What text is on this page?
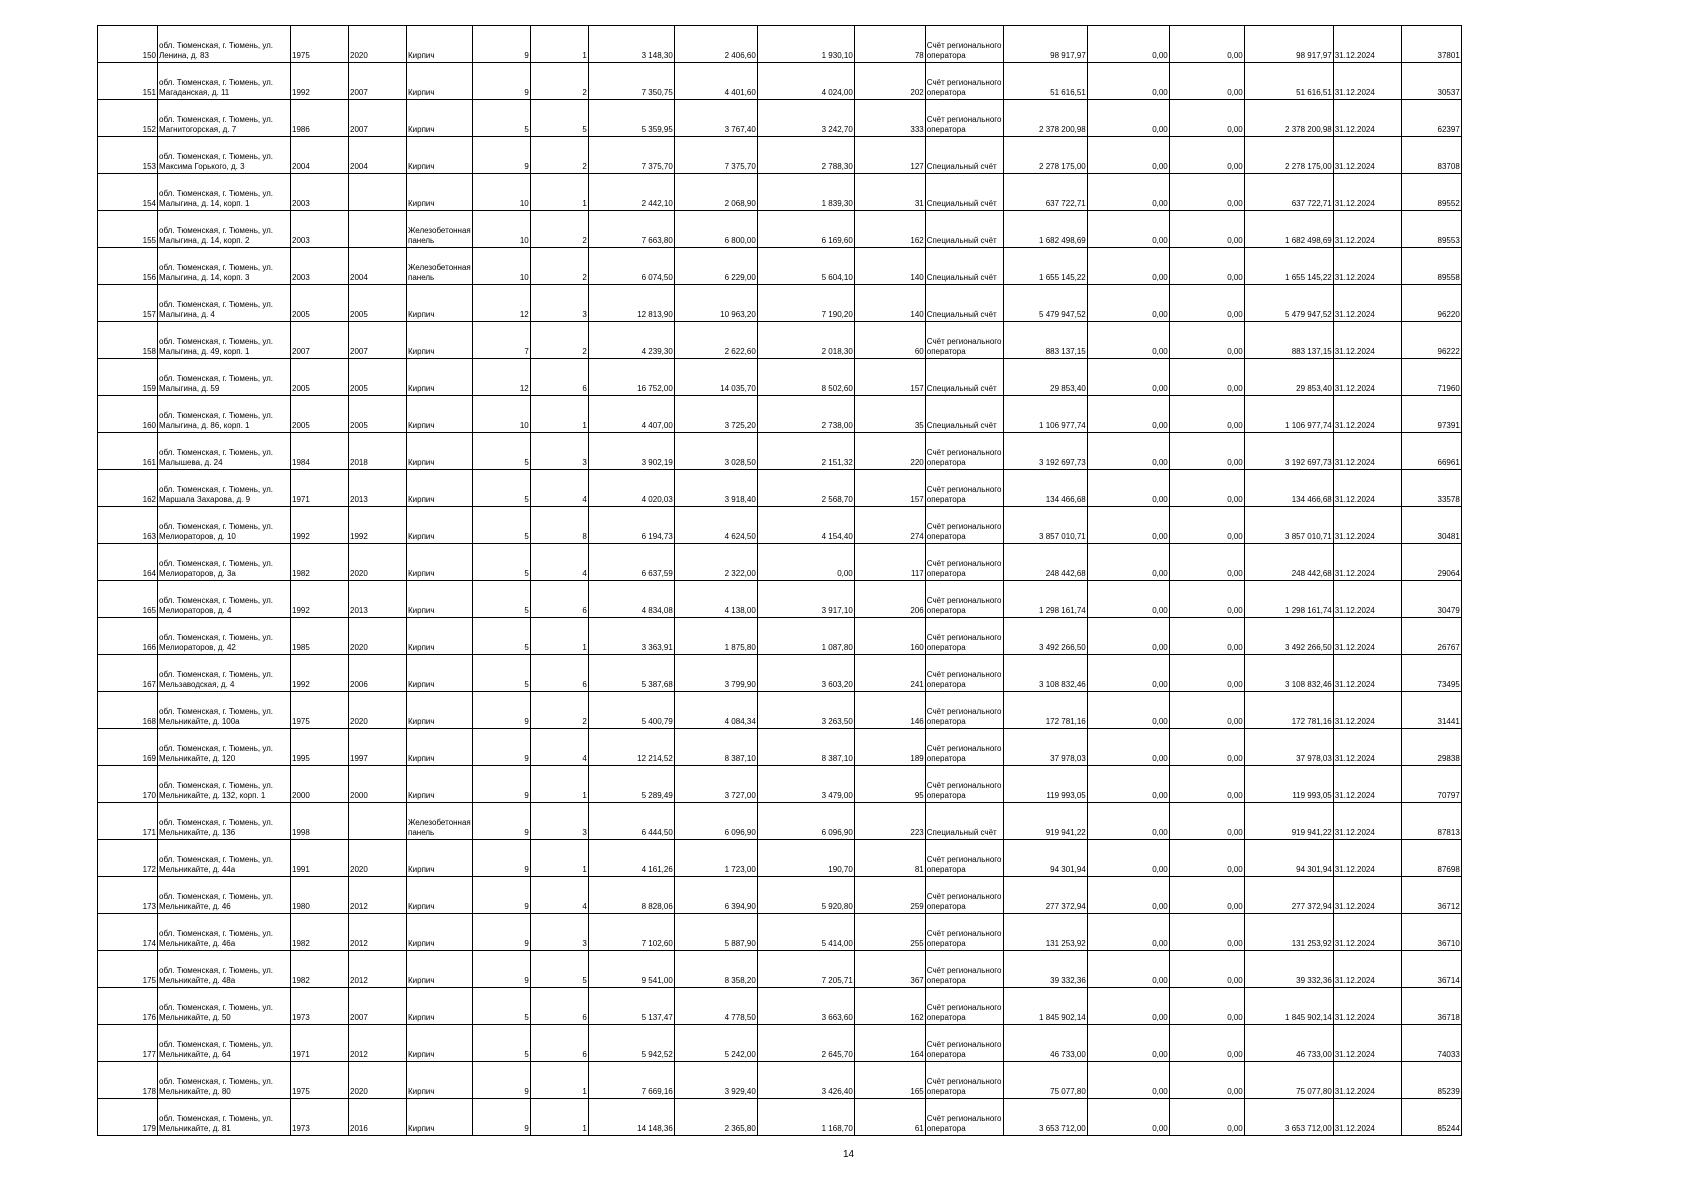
150	обл. Тюменская, г. Тюмень, ул. Ленина, д. 83	1975	2020	Кирпич	9	1	3 148,30	2 406,60	1 930,10	78	Счёт регионального оператора	98 917,97	0,00	0,00	98 917,97	31.12.2024	37801
151	обл. Тюменская, г. Тюмень, ул. Магаданская, д. 11	1992	2007	Кирпич	9	2	7 350,75	4 401,60	4 024,00	202	Счёт регионального оператора	51 616,51	0,00	0,00	51 616,51	31.12.2024	30537
152	обл. Тюменская, г. Тюмень, ул. Магнитогорская, д. 7	1986	2007	Кирпич	5	5	5 359,95	3 767,40	3 242,70	333	Счёт регионального оператора	2 378 200,98	0,00	0,00	2 378 200,98	31.12.2024	62397
153	обл. Тюменская, г. Тюмень, ул. Максима Горького, д. 3	2004	2004	Кирпич	9	2	7 375,70	7 375,70	2 788,30	127	Специальный счёт	2 278 175,00	0,00	0,00	2 278 175,00	31.12.2024	83708
154	обл. Тюменская, г. Тюмень, ул. Малыгина, д. 14, корп. 1	2003		Кирпич	10	1	2 442,10	2 068,90	1 839,30	31	Специальный счёт	637 722,71	0,00	0,00	637 722,71	31.12.2024	89552
155	обл. Тюменская, г. Тюмень, ул. Малыгина, д. 14, корп. 2	2003		Железобетонная панель	10	2	7 663,80	6 800,00	6 169,60	162	Специальный счёт	1 682 498,69	0,00	0,00	1 682 498,69	31.12.2024	89553
156	обл. Тюменская, г. Тюмень, ул. Малыгина, д. 14, корп. 3	2003	2004	Железобетонная панель	10	2	6 074,50	6 229,00	5 604,10	140	Специальный счёт	1 655 145,22	0,00	0,00	1 655 145,22	31.12.2024	89558
157	обл. Тюменская, г. Тюмень, ул. Малыгина, д. 4	2005	2005	Кирпич	12	3	12 813,90	10 963,20	7 190,20	140	Специальный счёт	5 479 947,52	0,00	0,00	5 479 947,52	31.12.2024	96220
158	обл. Тюменская, г. Тюмень, ул. Малыгина, д. 49, корп. 1	2007	2007	Кирпич	7	2	4 239,30	2 622,60	2 018,30	60	Счёт регионального оператора	883 137,15	0,00	0,00	883 137,15	31.12.2024	96222
159	обл. Тюменская, г. Тюмень, ул. Малыгина, д. 59	2005	2005	Кирпич	12	6	16 752,00	14 035,70	8 502,60	157	Специальный счёт	29 853,40	0,00	0,00	29 853,40	31.12.2024	71960
160	обл. Тюменская, г. Тюмень, ул. Малыгина, д. 86, корп. 1	2005	2005	Кирпич	10	1	4 407,00	3 725,20	2 738,00	35	Специальный счёт	1 106 977,74	0,00	0,00	1 106 977,74	31.12.2024	97391
161	обл. Тюменская, г. Тюмень, ул. Малышева, д. 24	1984	2018	Кирпич	5	3	3 902,19	3 028,50	2 151,32	220	Счёт регионального оператора	3 192 697,73	0,00	0,00	3 192 697,73	31.12.2024	66961
162	обл. Тюменская, г. Тюмень, ул. Маршала Захарова, д. 9	1971	2013	Кирпич	5	4	4 020,03	3 918,40	2 568,70	157	Счёт регионального оператора	134 466,68	0,00	0,00	134 466,68	31.12.2024	33578
163	обл. Тюменская, г. Тюмень, ул. Мелиораторов, д. 10	1992	1992	Кирпич	5	8	6 194,73	4 624,50	4 154,40	274	Счёт регионального оператора	3 857 010,71	0,00	0,00	3 857 010,71	31.12.2024	30481
164	обл. Тюменская, г. Тюмень, ул. Мелиораторов, д. 3а	1982	2020	Кирпич	5	4	6 637,59	2 322,00	0,00	117	Счёт регионального оператора	248 442,68	0,00	0,00	248 442,68	31.12.2024	29064
165	обл. Тюменская, г. Тюмень, ул. Мелиораторов, д. 4	1992	2013	Кирпич	5	6	4 834,08	4 138,00	3 917,10	206	Счёт регионального оператора	1 298 161,74	0,00	0,00	1 298 161,74	31.12.2024	30479
166	обл. Тюменская, г. Тюмень, ул. Мелиораторов, д. 42	1985	2020	Кирпич	5	1	3 363,91	1 875,80	1 087,80	160	Счёт регионального оператора	3 492 266,50	0,00	0,00	3 492 266,50	31.12.2024	26767
167	обл. Тюменская, г. Тюмень, ул. Мельзаводская, д. 4	1992	2006	Кирпич	5	6	5 387,68	3 799,90	3 603,20	241	Счёт регионального оператора	3 108 832,46	0,00	0,00	3 108 832,46	31.12.2024	73495
168	обл. Тюменская, г. Тюмень, ул. Мельникайте, д. 100а	1975	2020	Кирпич	9	2	5 400,79	4 084,34	3 263,50	146	Счёт регионального оператора	172 781,16	0,00	0,00	172 781,16	31.12.2024	31441
169	обл. Тюменская, г. Тюмень, ул. Мельникайте, д. 120	1995	1997	Кирпич	9	4	12 214,52	8 387,10	8 387,10	189	Счёт регионального оператора	37 978,03	0,00	0,00	37 978,03	31.12.2024	29838
170	обл. Тюменская, г. Тюмень, ул. Мельникайте, д. 132, корп. 1	2000	2000	Кирпич	9	1	5 289,49	3 727,00	3 479,00	95	Счёт регионального оператора	119 993,05	0,00	0,00	119 993,05	31.12.2024	70797
171	обл. Тюменская, г. Тюмень, ул. Мельникайте, д. 136	1998		Железобетонная панель	9	3	6 444,50	6 096,90	6 096,90	223	Специальный счёт	919 941,22	0,00	0,00	919 941,22	31.12.2024	87813
172	обл. Тюменская, г. Тюмень, ул. Мельникайте, д. 44а	1991	2020	Кирпич	9	1	4 161,26	1 723,00	190,70	81	Счёт регионального оператора	94 301,94	0,00	0,00	94 301,94	31.12.2024	87698
173	обл. Тюменская, г. Тюмень, ул. Мельникайте, д. 46	1980	2012	Кирпич	9	4	8 828,06	6 394,90	5 920,80	259	Счёт регионального оператора	277 372,94	0,00	0,00	277 372,94	31.12.2024	36712
174	обл. Тюменская, г. Тюмень, ул. Мельникайте, д. 46а	1982	2012	Кирпич	9	3	7 102,60	5 887,90	5 414,00	255	Счёт регионального оператора	131 253,92	0,00	0,00	131 253,92	31.12.2024	36710
175	обл. Тюменская, г. Тюмень, ул. Мельникайте, д. 48а	1982	2012	Кирпич	9	5	9 541,00	8 358,20	7 205,71	367	Счёт регионального оператора	39 332,36	0,00	0,00	39 332,36	31.12.2024	36714
176	обл. Тюменская, г. Тюмень, ул. Мельникайте, д. 50	1973	2007	Кирпич	5	6	5 137,47	4 778,50	3 663,60	162	Счёт регионального оператора	1 845 902,14	0,00	0,00	1 845 902,14	31.12.2024	36718
177	обл. Тюменская, г. Тюмень, ул. Мельникайте, д. 64	1971	2012	Кирпич	5	6	5 942,52	5 242,00	2 645,70	164	Счёт регионального оператора	46 733,00	0,00	0,00	46 733,00	31.12.2024	74033
178	обл. Тюменская, г. Тюмень, ул. Мельникайте, д. 80	1975	2020	Кирпич	9	1	7 669,16	3 929,40	3 426,40	165	Счёт регионального оператора	75 077,80	0,00	0,00	75 077,80	31.12.2024	85239
179	обл. Тюменская, г. Тюмень, ул. Мельникайте, д. 81	1973	2016	Кирпич	9	1	14 148,36	2 365,80	1 168,70	61	Счёт регионального оператора	3 653 712,00	0,00	0,00	3 653 712,00	31.12.2024	85244
14
